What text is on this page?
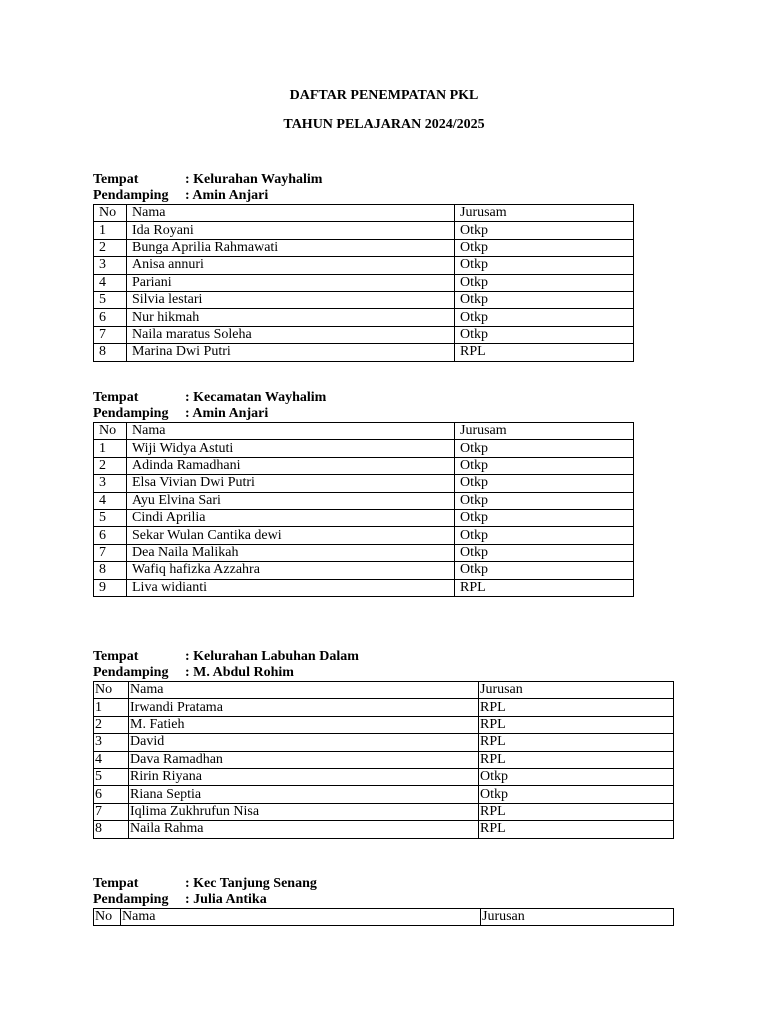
DAFTAR PENEMPATAN PKL
TAHUN PELAJARAN 2024/2025
Tempat	: Kelurahan Wayhalim
Pendamping : Amin Anjari
No	Nama	Jurusam
1	Ida Royani	Otkp
2	Bunga Aprilia Rahmawati	Otkp
3	Anisa annuri	Otkp
4	Pariani	Otkp
5	Silvia lestari	Otkp
6	Nur hikmah	Otkp
7	Naila maratus Soleha	Otkp
8	Marina Dwi Putri	RPL
Tempat	: Kecamatan Wayhalim
Pendamping : Amin Anjari
No	Nama	Jurusam
1	Wiji Widya Astuti	Otkp
2	Adinda Ramadhani	Otkp
3	Elsa Vivian Dwi Putri	Otkp
4	Ayu Elvina Sari	Otkp
5	Cindi Aprilia	Otkp
6	Sekar Wulan Cantika dewi	Otkp
7	Dea Naila Malikah	Otkp
8	Wafiq hafizka Azzahra	Otkp
9	Liva widianti	RPL
Tempat	: Kelurahan Labuhan Dalam
Pendamping : M. Abdul Rohim
No	Nama	Jurusan
1	Irwandi Pratama	RPL
2	M. Fatieh	RPL
3	David	RPL
4	Dava Ramadhan	RPL
5	Ririn Riyana	Otkp
6	Riana Septia	Otkp
7	Iqlima Zukhrufun Nisa	RPL
8	Naila Rahma	RPL
Tempat	: Kec Tanjung Senang
Pendamping : Julia Antika
No	Nama	Jurusan
